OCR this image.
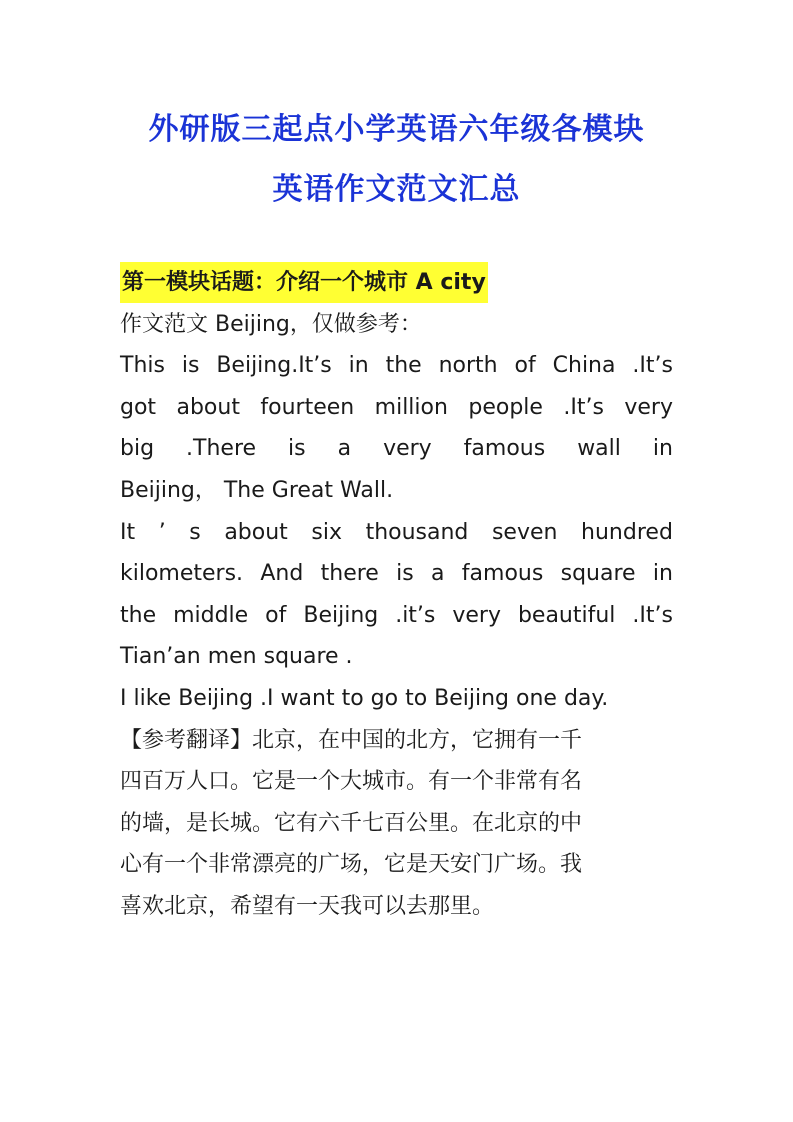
外研版三起点小学英语六年级各模块
英语作文范文汇总

第一模块话题：介绍一个城市 A city

作文范文 Beijing，仅做参考：

This is Beijing.It’s in the north of China .It’s

got about fourteen million people .It’s very

big .There is a very famous wall in

Beijing， The Great Wall.

It ’ s about six thousand seven hundred

kilometers. And there is a famous square in

the middle of Beijing .it’s very beautiful .It’s

Tian’an men square .

I like Beijing .I want to go to Beijing one day.

【参考翻译】北京，在中国的北方，它拥有一千

四百万人口。它是一个大城市。有一个非常有名

的墙，是长城。它有六千七百公里。在北京的中

心有一个非常漂亮的广场，它是天安门广场。我

喜欢北京，希望有一天我可以去那里。
